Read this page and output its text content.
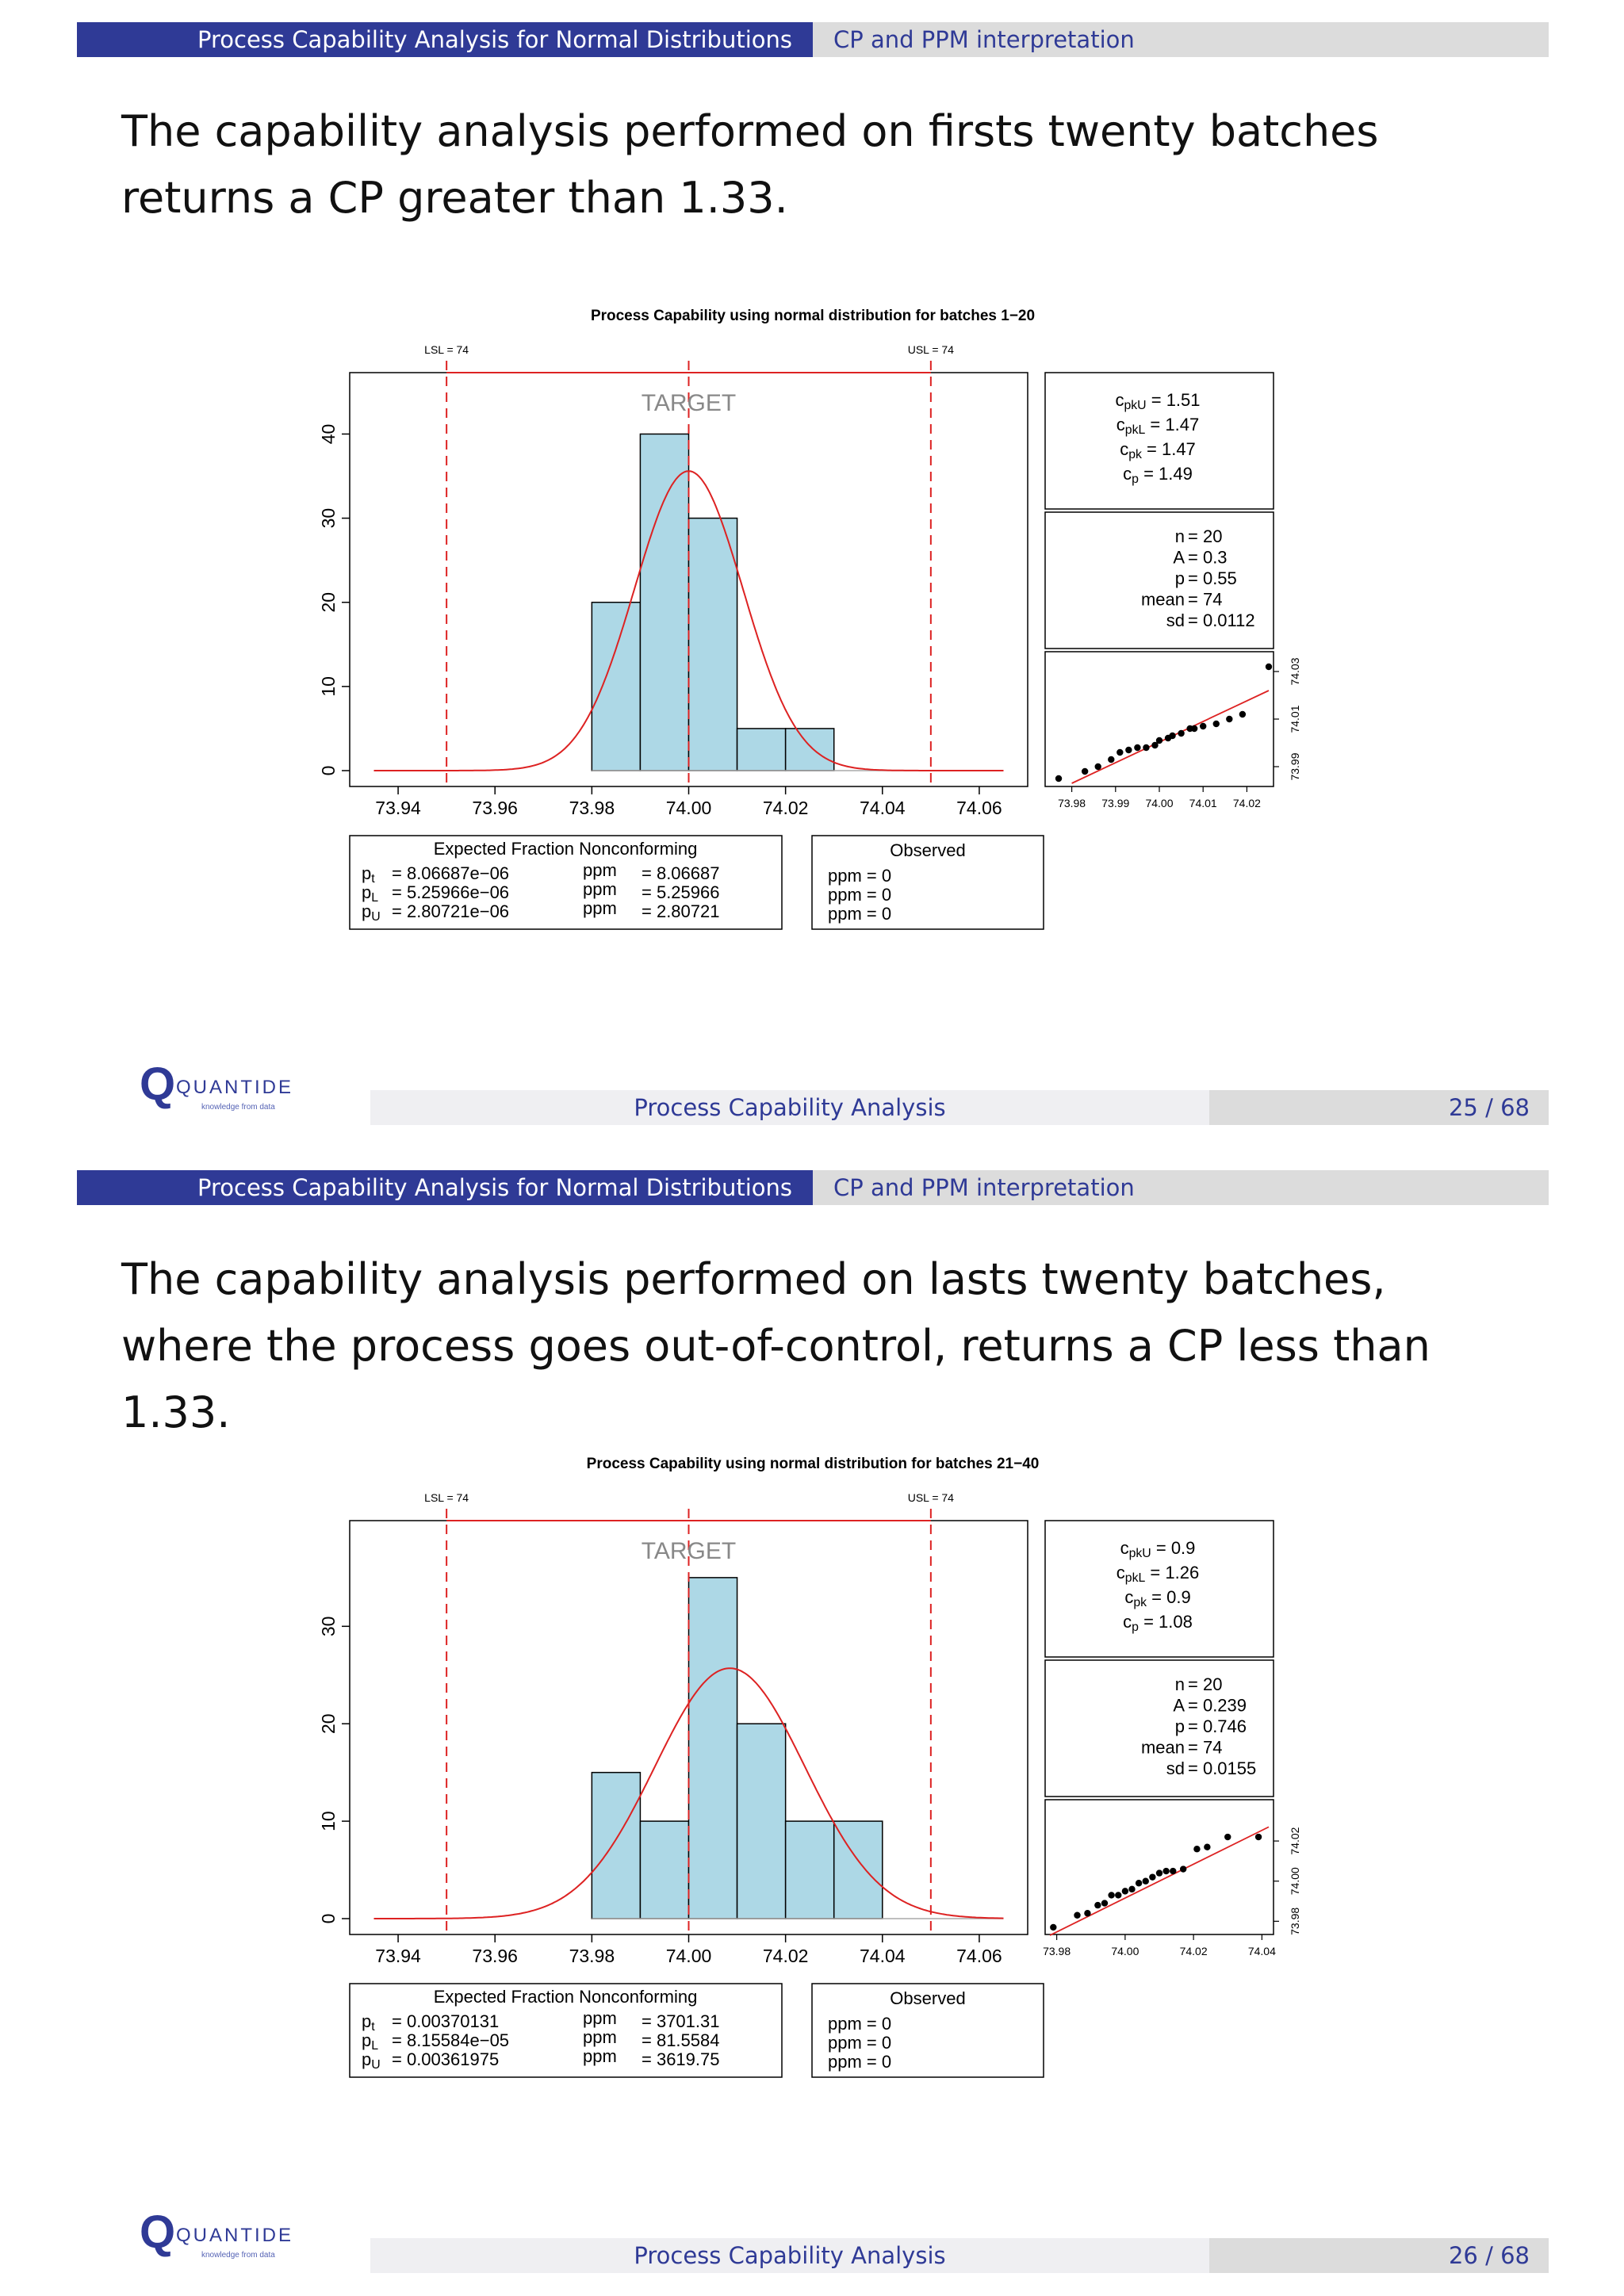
Process Capability Analysis for Normal Distributions	CP and PPM interpretation
The capability analysis performed on firsts twenty batches returns a CP greater than 1.33.
Process Capability using normal distribution for batches 1−20
LSL = 74	USL = 74
TARGET
73.94	73.96	73.98	74.00	74.02	74.04	74.06
0
10
20
30
40
cpkU = 1.51
cpkL = 1.47
cpk = 1.47
cp = 1.49
n = 20
A = 0.3
p = 0.55
mean = 74
sd = 0.0112
73.98 73.99 74.00 74.01 74.02
73.99
74.01
74.03
Expected Fraction Nonconforming
pt = 8.06687e−06	ppm = 8.06687
pL = 5.25966e−06	ppm = 5.25966
pU = 2.80721e−06	ppm = 2.80721
Observed
ppm = 0
ppm = 0
ppm = 0
Q QUANTIDE
knowledge from data	Process Capability Analysis	25 / 68
Process Capability Analysis for Normal Distributions	CP and PPM interpretation
The capability analysis performed on lasts twenty batches, where the process goes out-of-control, returns a CP less than 1.33.
Process Capability using normal distribution for batches 21−40
LSL = 74	USL = 74
TARGET
73.94	73.96	73.98	74.00	74.02	74.04	74.06
0
10
20
30
cpkU = 0.9
cpkL = 1.26
cpk = 0.9
cp = 1.08
n = 20
A = 0.239
p = 0.746
mean = 74
sd = 0.0155
73.98	74.00	74.02	74.04
73.98
74.00
74.02
Expected Fraction Nonconforming
pt = 0.00370131	ppm = 3701.31
pL = 8.15584e−05	ppm = 81.5584
pU = 0.00361975	ppm = 3619.75
Observed
ppm = 0
ppm = 0
ppm = 0
Q QUANTIDE
knowledge from data	Process Capability Analysis	26 / 68
